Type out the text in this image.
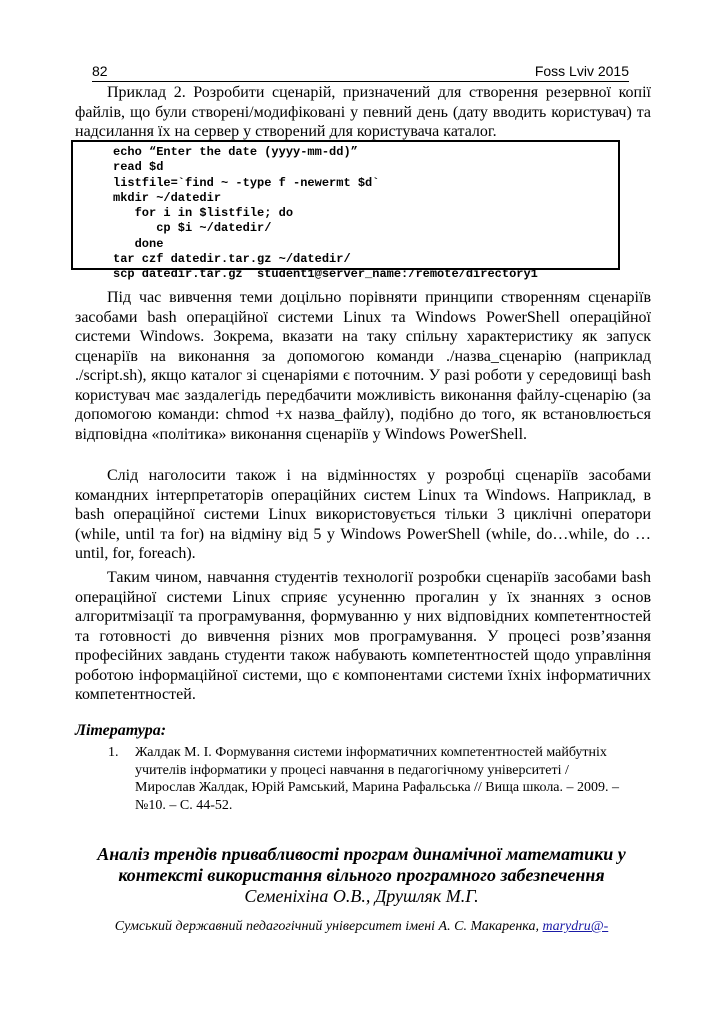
82	Foss Lviv 2015

Приклад 2. Розробити сценарій, призначений для створення резервної копії файлів, що були створені/модифіковані у певний день (дату вводить користувач) та надсилання їх на сервер у створений для користувача каталог.

echo “Enter the date (yyyy-mm-dd)”
read $d
listfile=`find ~ -type f -newermt $d`
mkdir ~/datedir
for i in $listfile; do
cp $i ~/datedir/
done
tar czf datedir.tar.gz ~/datedir/
scp datedir.tar.gz  student1@server_name:/remote/directory1

Під час вивчення теми доцільно порівняти принципи створенням сценаріїв засобами bash операційної системи Linux та Windows PowerShell операційної системи Windows. Зокрема, вказати на таку спільну характеристику як запуск сценаріїв на виконання за допомогою команди ./назва_сценарію (наприклад ./script.sh), якщо каталог зі сценаріями є поточним. У разі роботи у середовищі bash користувач має заздалегідь передбачити можливість виконання файлу-сценарію (за допомогою команди: chmod +x назва_файлу), подібно до того, як встановлюється відповідна «політика» виконання сценаріїв у Windows PowerShell.

Слід наголосити також і на відмінностях у розробці сценаріїв засобами командних інтерпретаторів операційних систем Linux та Windows. Наприклад, в bash операційної системи Linux використовується тільки 3 циклічні оператори (while, until та for) на відміну від 5 у Windows PowerShell (while, do…while, do … until, for, foreach).

Таким чином, навчання студентів технології розробки сценаріїв засобами bash операційної системи Linux сприяє усуненню прогалин у їх знаннях з основ алгоритмізації та програмування, формуванню у них відповідних компетентностей та готовності до вивчення різних мов програмування. У процесі розв’язання професійних завдань студенти також набувають компетентностей щодо управління роботою інформаційної системи, що є компонентами системи їхніх інформатичних компетентностей.

Література:
1. Жалдак М. І. Формування системи інформатичних компетентностей майбутніх учителів інформатики у процесі навчання в педагогічному університеті / Мирослав Жалдак, Юрій Рамський, Марина Рафальська // Вища школа. – 2009. – №10. – С. 44-52.
Аналіз трендів привабливості програм динамічної математики у
контексті використання вільного програмного забезпечення
Семеніхіна О.В., Друшляк М.Г.
Сумський державний педагогічний університет імені А. С. Макаренка, marydru@-
